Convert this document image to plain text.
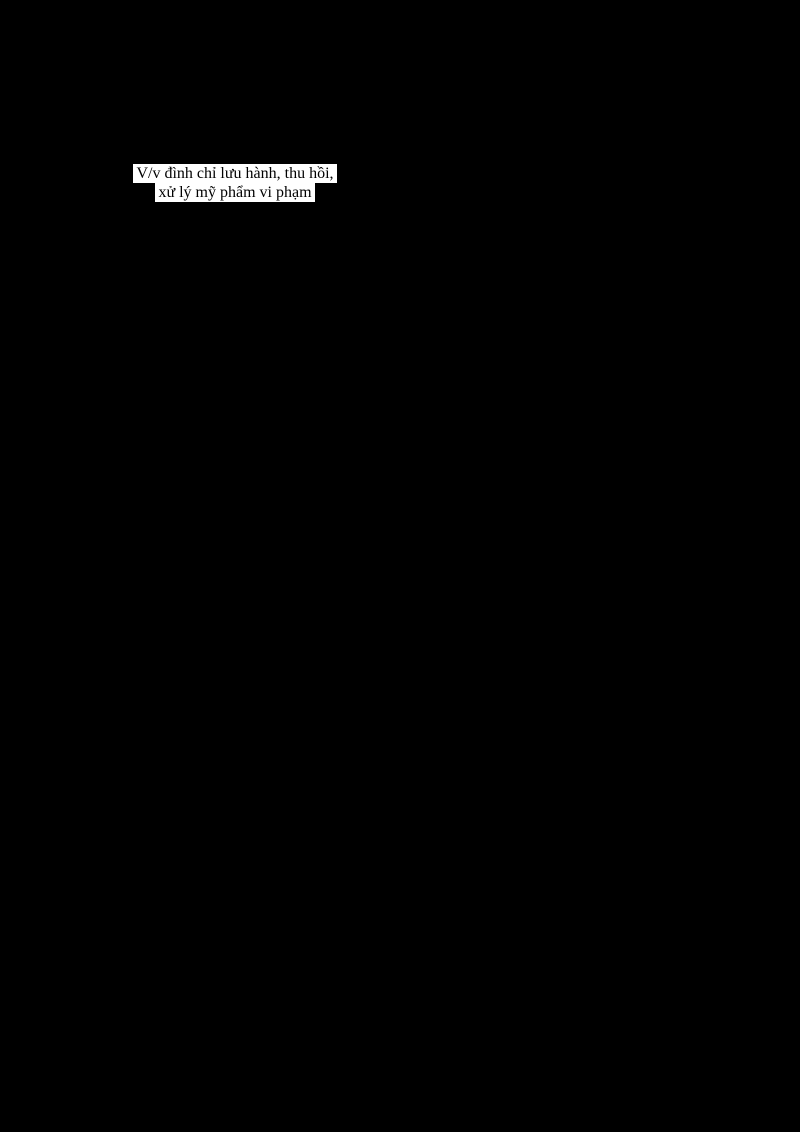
V/v đình chỉ lưu hành, thu hồi,
xử lý mỹ phẩm vi phạm
